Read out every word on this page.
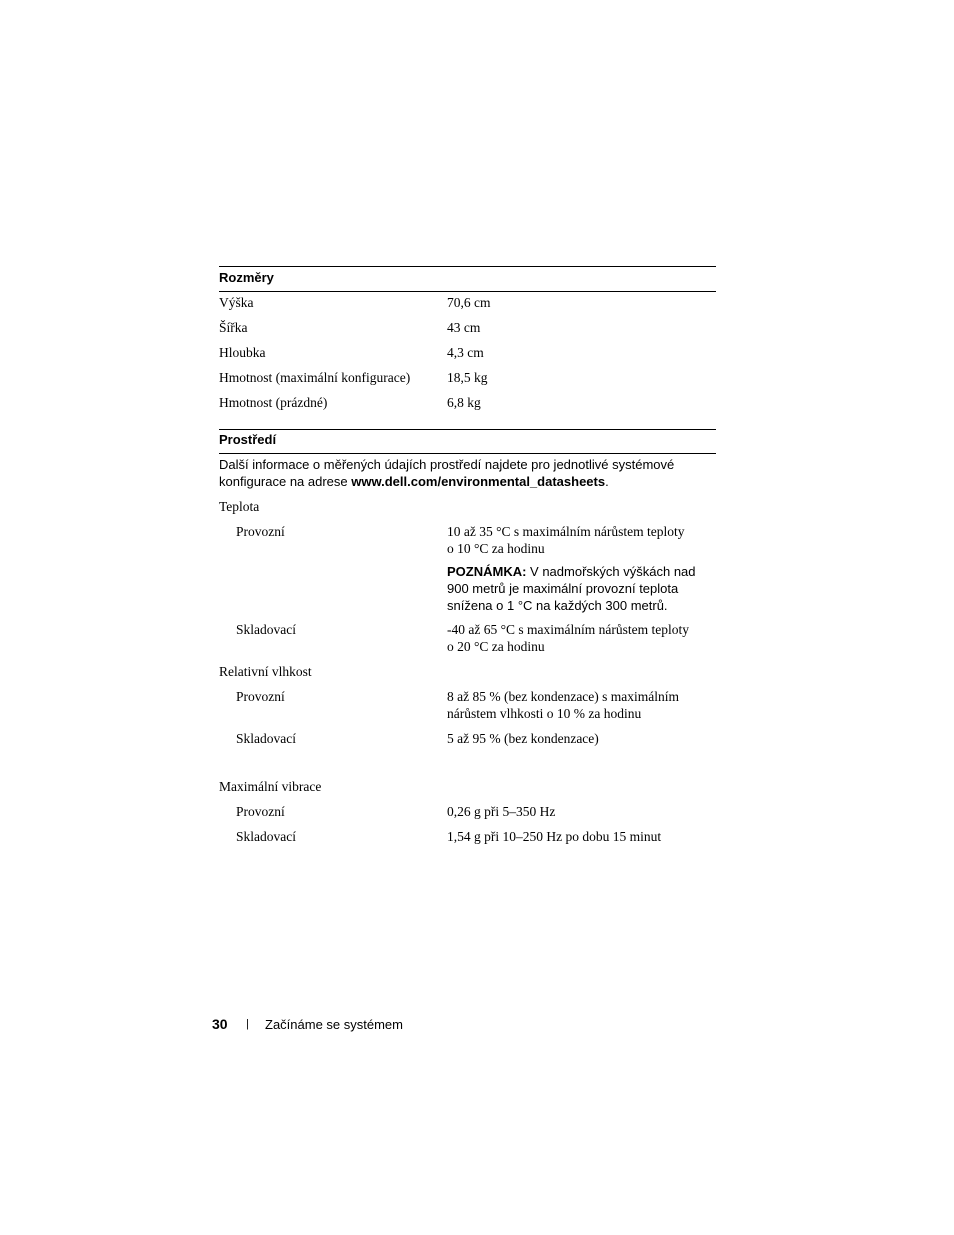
Rozměry
Výška	70,6 cm
Šířka	43 cm
Hloubka	4,3 cm
Hmotnost (maximální konfigurace)	18,5 kg
Hmotnost (prázdné)	6,8 kg
Prostředí
Další informace o měřených údajích prostředí najdete pro jednotlivé systémové
konfigurace na adrese www.dell.com/environmental_datasheets.
Teplota
Provozní	10 až 35 °C s maximálním nárůstem teploty
o 10 °C za hodinu
POZNÁMKA: V nadmořských výškách nad
900 metrů je maximální provozní teplota
snížena o 1 °C na každých 300 metrů.
Skladovací	-40 až 65 °C s maximálním nárůstem teploty
o 20 °C za hodinu
Relativní vlhkost
Provozní	8 až 85 % (bez kondenzace) s maximálním
nárůstem vlhkosti o 10 % za hodinu
Skladovací	5 až 95 % (bez kondenzace)
Maximální vibrace
Provozní	0,26 g při 5–350 Hz
Skladovací	1,54 g při 10–250 Hz po dobu 15 minut
30 | Začínáme se systémem
